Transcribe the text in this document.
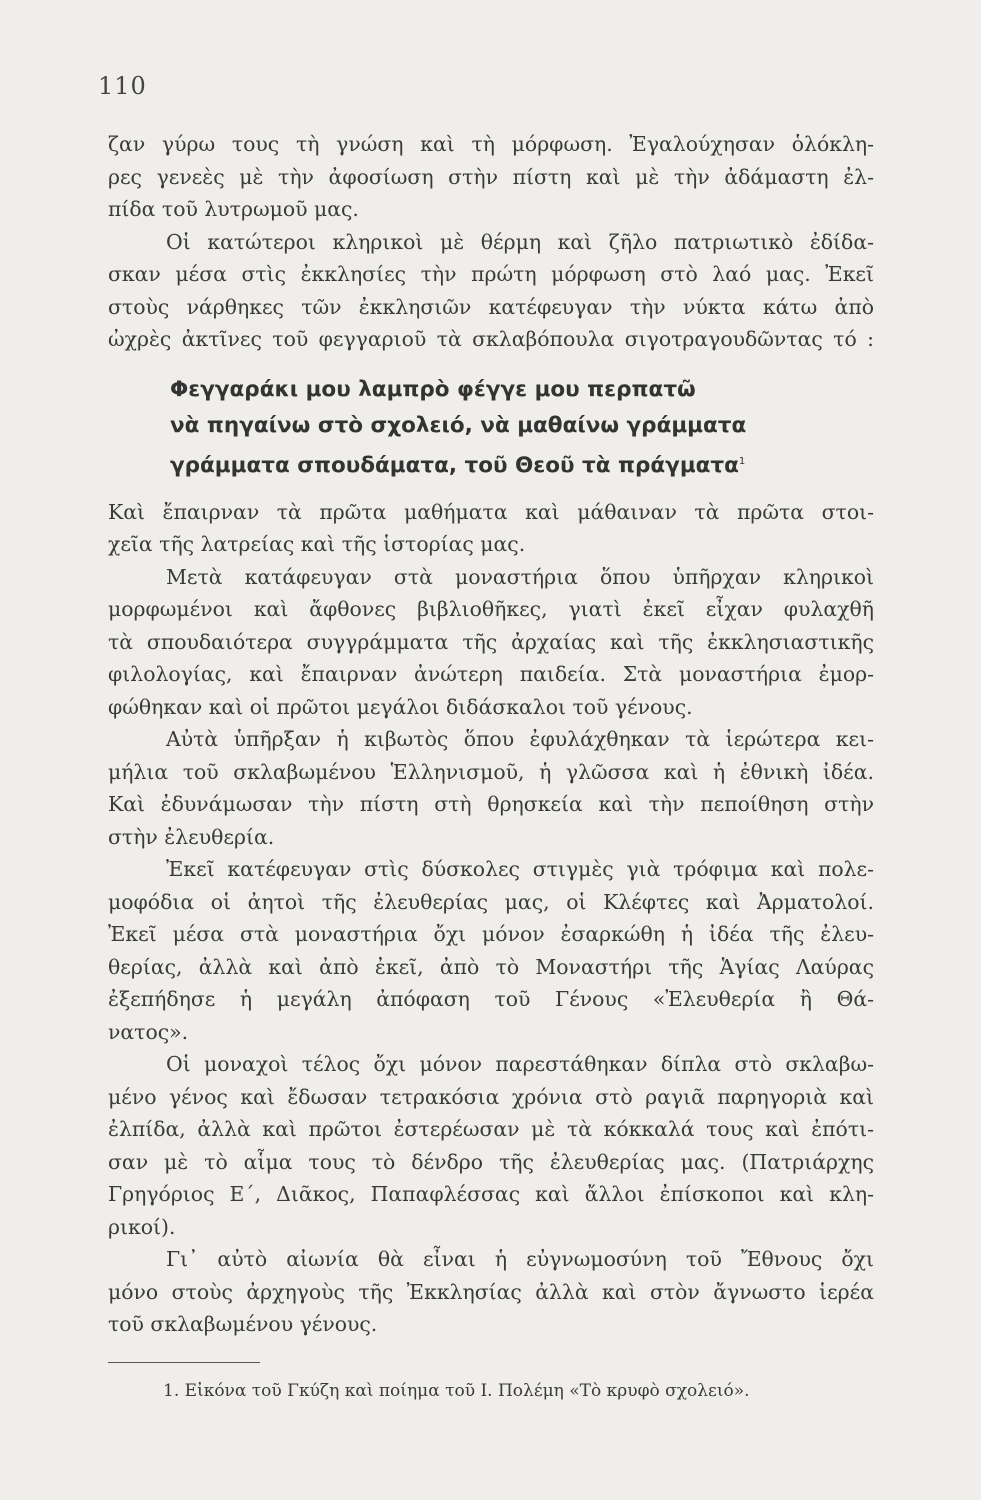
110

ζαν γύρω τους τὴ γνώση καὶ τὴ μόρφωση. Ἐγαλούχησαν ὁλόκλη-
ρες γενεὲς μὲ τὴν ἀφοσίωση στὴν πίστη καὶ μὲ τὴν ἀδάμαστη ἐλ-
πίδα τοῦ λυτρωμοῦ μας.

Οἱ κατώτεροι κληρικοὶ μὲ θέρμη καὶ ζῆλο πατριωτικὸ ἐδίδα-
σκαν μέσα στὶς ἐκκλησίες τὴν πρώτη μόρφωση στὸ λαό μας. Ἐκεῖ
στοὺς νάρθηκες τῶν ἐκκλησιῶν κατέφευγαν τὴν νύκτα κάτω ἀπὸ
ὠχρὲς ἀκτῖνες τοῦ φεγγαριοῦ τὰ σκλαβόπουλα σιγοτραγουδῶντας τό :

Φεγγαράκι μου λαμπρὸ φέγγε μου περπατῶ
νὰ πηγαίνω στὸ σχολειό, νὰ μαθαίνω γράμματα
γράμματα σπουδάματα, τοῦ Θεοῦ τὰ πράγματα$^1$

Καὶ ἔπαιρναν τὰ πρῶτα μαθήματα καὶ μάθαιναν τὰ πρῶτα στοι-
χεῖα τῆς λατρείας καὶ τῆς ἱστορίας μας.

Μετὰ κατάφευγαν στὰ μοναστήρια ὅπου ὑπῆρχαν κληρικοὶ
μορφωμένοι καὶ ἄφθονες βιβλιοθῆκες, γιατὶ ἐκεῖ εἶχαν φυλαχθῆ
τὰ σπουδαιότερα συγγράμματα τῆς ἀρχαίας καὶ τῆς ἐκκλησιαστικῆς
φιλολογίας, καὶ ἔπαιρναν ἀνώτερη παιδεία. Στὰ μοναστήρια ἐμορ-
φώθηκαν καὶ οἱ πρῶτοι μεγάλοι διδάσκαλοι τοῦ γένους.

Αὐτὰ ὑπῆρξαν ἡ κιβωτὸς ὅπου ἐφυλάχθηκαν τὰ ἱερώτερα κει-
μήλια τοῦ σκλαβωμένου Ἑλληνισμοῦ, ἡ γλῶσσα καὶ ἡ ἐθνικὴ ἰδέα.
Καὶ ἐδυνάμωσαν τὴν πίστη στὴ θρησκεία καὶ τὴν πεποίθηση στὴν
στὴν ἐλευθερία.

Ἐκεῖ κατέφευγαν στὶς δύσκολες στιγμὲς γιὰ τρόφιμα καὶ πολε-
μοφόδια οἱ ἀητοὶ τῆς ἐλευθερίας μας, οἱ Κλέφτες καὶ Ἀρματολοί.
Ἐκεῖ μέσα στὰ μοναστήρια ὄχι μόνον ἐσαρκώθη ἡ ἰδέα τῆς ἐλευ-
θερίας, ἀλλὰ καὶ ἀπὸ ἐκεῖ, ἀπὸ τὸ Μοναστήρι τῆς Ἁγίας Λαύρας
ἐξεπήδησε ἡ μεγάλη ἀπόφαση τοῦ Γένους «Ἐλευθερία ἢ Θά-
νατος».

Οἱ μοναχοὶ τέλος ὄχι μόνον παρεστάθηκαν δίπλα στὸ σκλαβω-
μένο γένος καὶ ἔδωσαν τετρακόσια χρόνια στὸ ραγιᾶ παρηγοριὰ καὶ
ἐλπίδα, ἀλλὰ καὶ πρῶτοι ἐστερέωσαν μὲ τὰ κόκκαλά τους καὶ ἐπότι-
σαν μὲ τὸ αἷμα τους τὸ δένδρο τῆς ἐλευθερίας μας. (Πατριάρχης
Γρηγόριος Ε΄, Διᾶκος, Παπαφλέσσας καὶ ἄλλοι ἐπίσκοποι καὶ κλη-
ρικοί).

Γι᾽ αὐτὸ αἰωνία θὰ εἶναι ἡ εὐγνωμοσύνη τοῦ Ἔθνους ὄχι
μόνο στοὺς ἀρχηγοὺς τῆς Ἐκκλησίας ἀλλὰ καὶ στὸν ἄγνωστο ἱερέα
τοῦ σκλαβωμένου γένους.

1. Εἰκόνα τοῦ Γκύζη καὶ ποίημα τοῦ Ι. Πολέμη «Τὸ κρυφὸ σχολειό».
